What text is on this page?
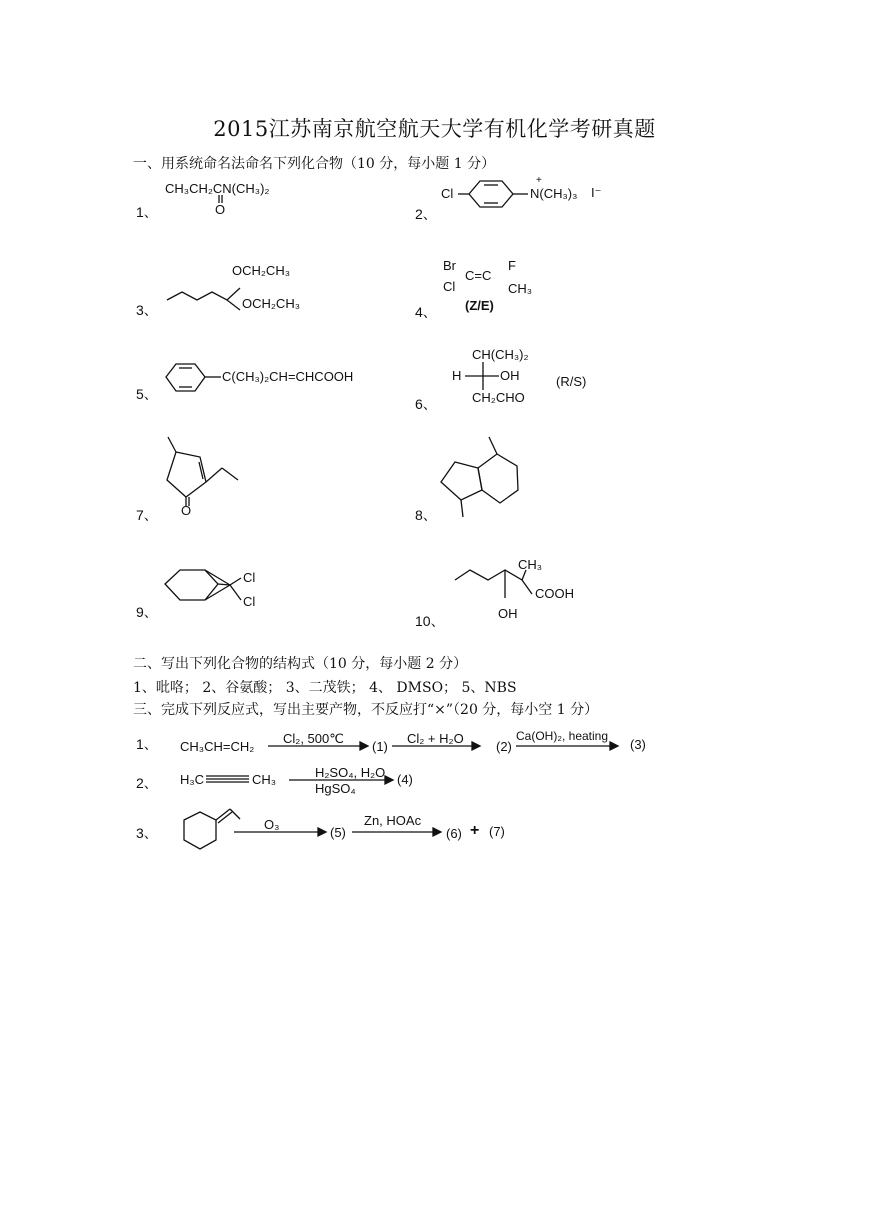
2015江苏南京航空航天大学有机化学考研真题
一、用系统命名法命名下列化合物（10 分，每小题 1 分）
1、	2、
3、	4、
5、
6、
7、	8、
9、
10、
CH₃CH₂CN(CH₃)₂
O
Cl	N(CH₃)₃
+
I⁻
OCH₂CH₃
OCH₂CH₃
Br
Cl
C=C
F
CH₃
(Z/E)
C(CH₃)₂CH=CHCOOH
CH(CH₃)₂
H	OH
CH₂CHO
(R/S)
O
Cl
Cl
CH₃
COOH
OH
二、写出下列化合物的结构式（10 分，每小题 2 分）
1、吡咯； 2、谷氨酸； 3、二茂铁； 4、 DMSO； 5、NBS
三、完成下列反应式，写出主要产物，不反应打“×”（20 分，每小空 1 分）
1、 CH₃CH=CH₂
Cl₂, 500℃
(1)
Cl₂ + H₂O
(2)
Ca(OH)₂, heating
(3)
2、 H₃C	CH₃	H₂SO₄, H₂O
HgSO₄
(4)
3、
O₃
(5)
Zn, HOAc
(6) + (7)
